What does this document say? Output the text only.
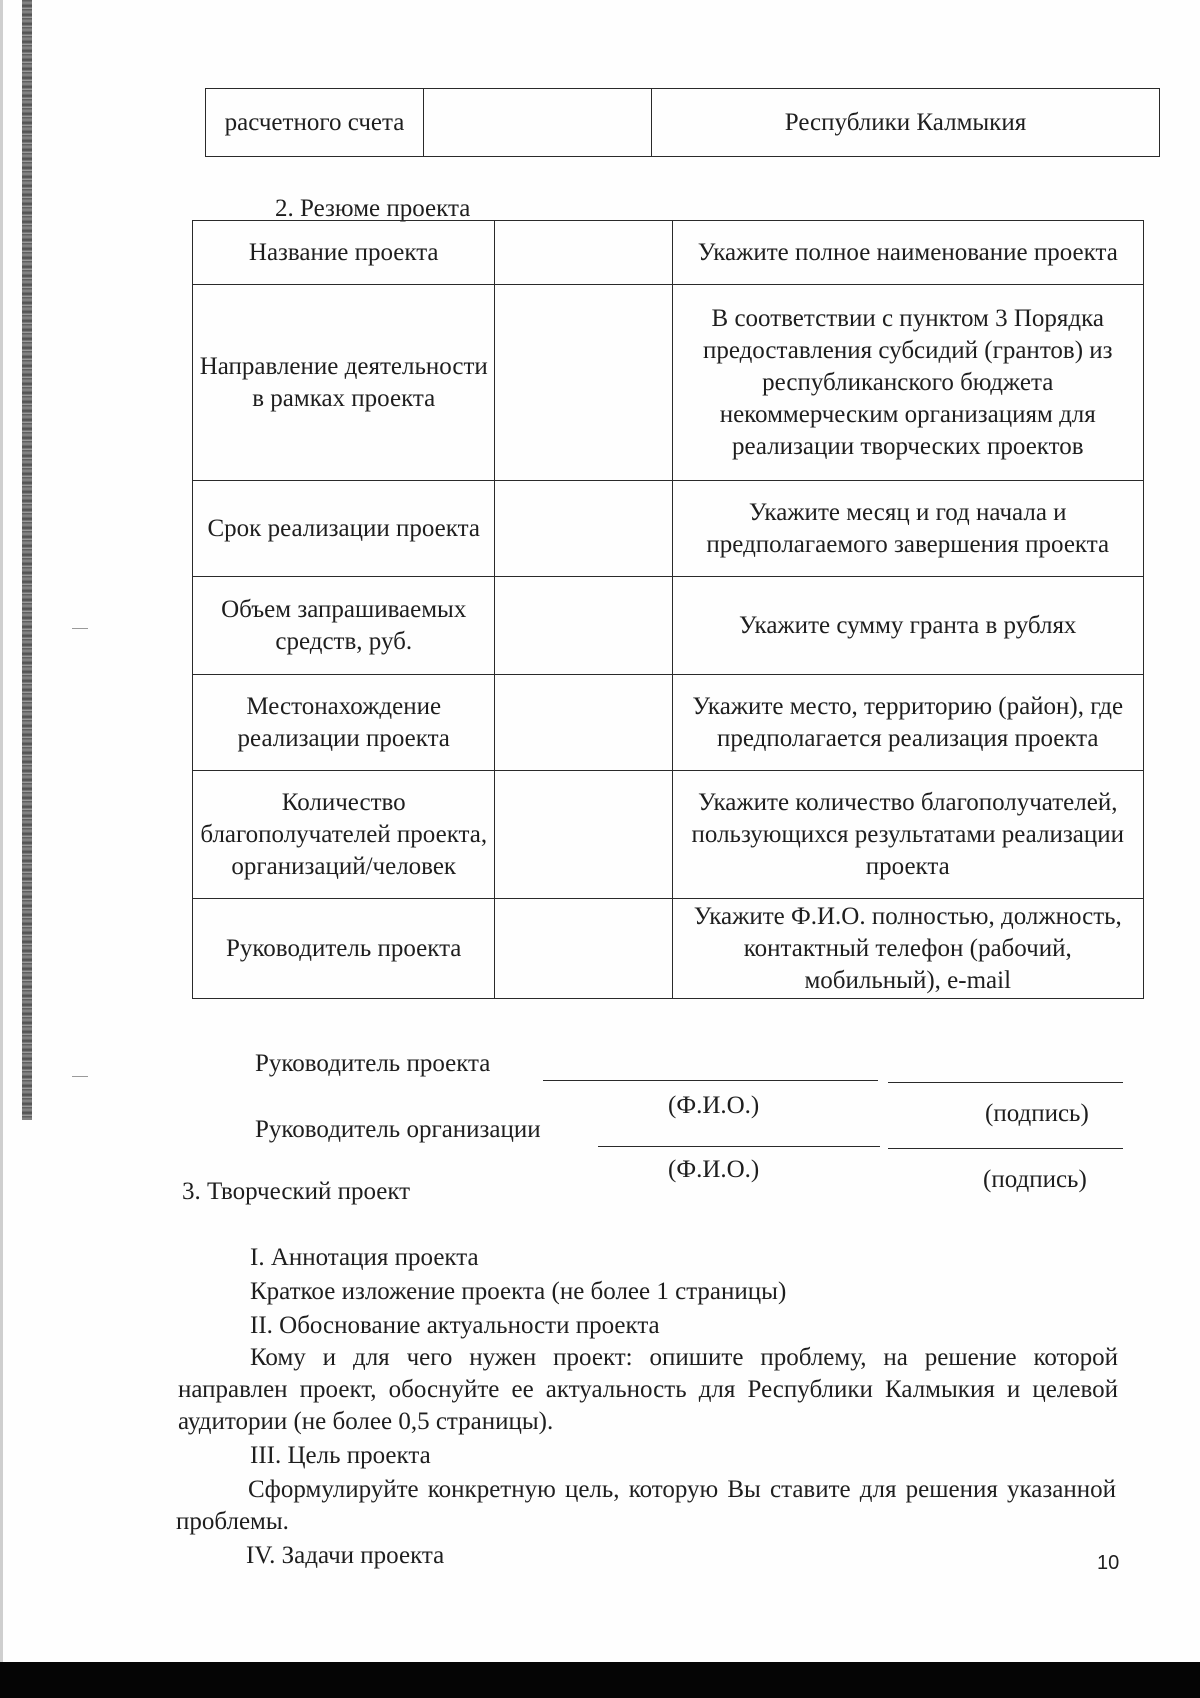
расчетного счета		Республики Калмыкия
2. Резюме проекта
Название проекта		Укажите полное наименование проекта
Направление деятельности в рамках проекта		В соответствии с пунктом 3 Порядка предоставления субсидий (грантов) из республиканского бюджета некоммерческим организациям для реализации творческих проектов
Срок реализации проекта		Укажите месяц и год начала и предполагаемого завершения проекта
Объем запрашиваемых средств, руб.		Укажите сумму гранта в рублях
Местонахождение реализации проекта		Укажите место, территорию (район), где предполагается реализация проекта
Количество благополучателей проекта, организаций/человек		Укажите количество благополучателей, пользующихся результатами реализации проекта
Руководитель проекта		Укажите Ф.И.О. полностью, должность, контактный телефон (рабочий, мобильный), e-mail
Руководитель проекта
(Ф.И.О.)	(подпись)
Руководитель организации
(Ф.И.О.)	(подпись)
3. Творческий проект
I. Аннотация проекта
Краткое изложение проекта (не более 1 страницы)
II. Обоснование актуальности проекта
Кому и для чего нужен проект: опишите проблему, на решение которой направлен проект, обоснуйте ее актуальность для Республики Калмыкия и целевой аудитории (не более 0,5 страницы).
III. Цель проекта
Сформулируйте конкретную цель, которую Вы ставите для решения указанной проблемы.
IV. Задачи проекта	10
